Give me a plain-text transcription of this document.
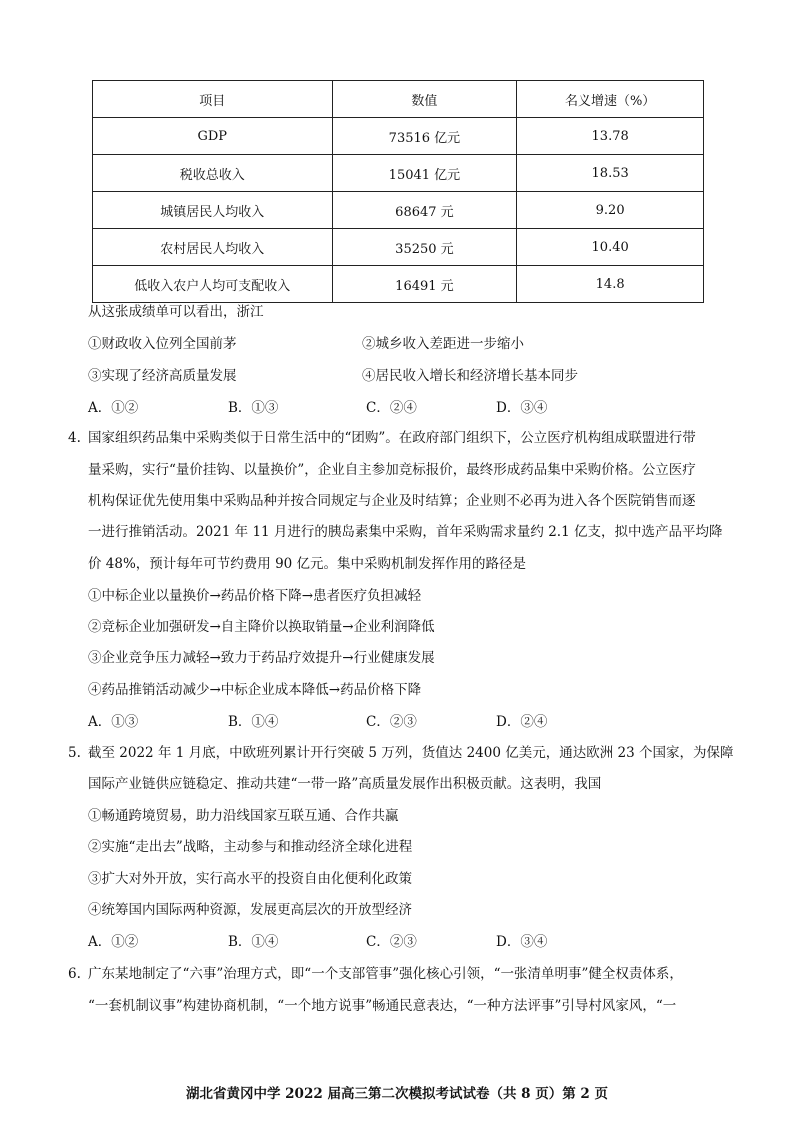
项目	数值	名义增速（%）
GDP	73516 亿元	13.78
税收总收入	15041 亿元	18.53
城镇居民人均收入	68647 元	9.20
农村居民人均收入	35250 元	10.40
低收入农户人均可支配收入	16491 元	14.8
从这张成绩单可以看出，浙江
①财政收入位列全国前茅	②城乡收入差距进一步缩小
③实现了经济高质量发展	④居民收入增长和经济增长基本同步
A．①②	B．①③	C．②④	D．③④
4. 国家组织药品集中采购类似于日常生活中的“团购”。在政府部门组织下，公立医疗机构组成联盟进行带
量采购，实行“量价挂钩、以量换价”，企业自主参加竞标报价，最终形成药品集中采购价格。公立医疗
机构保证优先使用集中采购品种并按合同规定与企业及时结算；企业则不必再为进入各个医院销售而逐
一进行推销活动。2021 年 11 月进行的胰岛素集中采购，首年采购需求量约 2.1 亿支，拟中选产品平均降
价 48%，预计每年可节约费用 90 亿元。集中采购机制发挥作用的路径是
①中标企业以量换价→药品价格下降→患者医疗负担减轻
②竞标企业加强研发→自主降价以换取销量→企业利润降低
③企业竞争压力减轻→致力于药品疗效提升→行业健康发展
④药品推销活动减少→中标企业成本降低→药品价格下降
A．①③	B．①④	C．②③	D．②④
5. 截至 2022 年 1 月底，中欧班列累计开行突破 5 万列，货值达 2400 亿美元，通达欧洲 23 个国家，为保障
国际产业链供应链稳定、推动共建“一带一路”高质量发展作出积极贡献。这表明，我国
①畅通跨境贸易，助力沿线国家互联互通、合作共赢
②实施“走出去”战略，主动参与和推动经济全球化进程
③扩大对外开放，实行高水平的投资自由化便利化政策
④统筹国内国际两种资源，发展更高层次的开放型经济
A．①②	B．①④	C．②③	D．③④
6. 广东某地制定了“六事”治理方式，即“一个支部管事”强化核心引领，“一张清单明事”健全权责体系，
“一套机制议事”构建协商机制，“一个地方说事”畅通民意表达，“一种方法评事”引导村风家风，“一
湖北省黄冈中学 2022 届高三第二次模拟考试试卷（共 8 页）第 2 页
